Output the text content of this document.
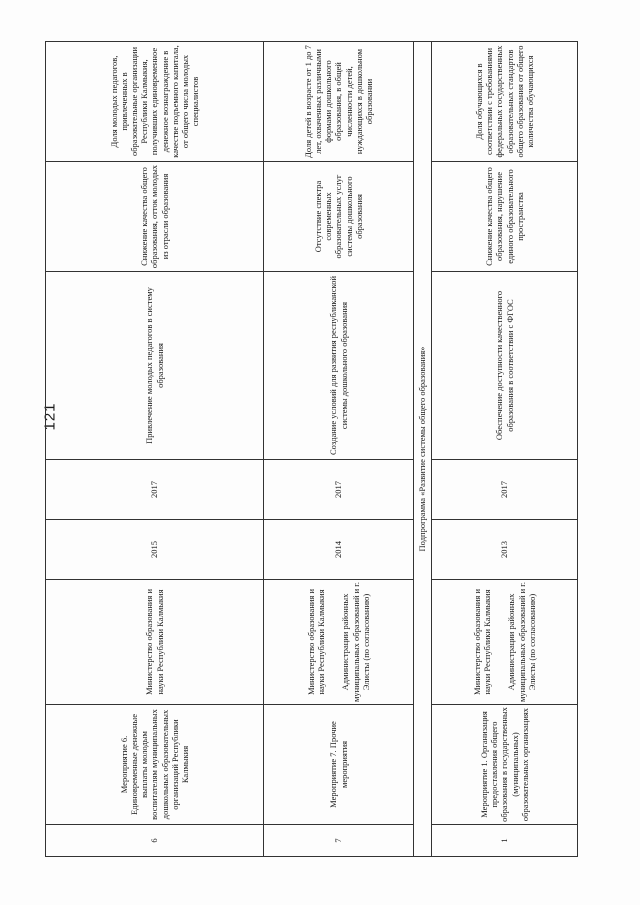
121
6	Мероприятие 6. Единовременные денежные выплаты молодым воспитателям муниципальных дошкольных образовательных организаций Республики Калмыкия	Министерство образования и науки Республики Калмыкия	2015	2017	Привлечение молодых педагогов в систему образования	Снижение качества общего образования, отток молодых из отрасли образования	Доля молодых педагогов, привлеченных в образовательные организации Республики Калмыкия, получивших единовременное денежное вознаграждение в качестве подъемного капитала, от общего числа молодых специалистов
7	Мероприятие 7. Прочие мероприятия	Министерство образования и науки Республики Калмыкия Администрации районных муниципальных образований и г. Элисты (по согласованию)	2014	2017	Создание условий для развития республиканской системы дошкольного образования	Отсутствие спектра современных образовательных услуг системы дошкольного образования	Доля детей в возрасте от 1 до 7 лет, охваченных различными формами дошкольного образования, в общей численности детей, нуждающихся в дошкольном образовании
Подпрограмма «Развитие системы общего образования»							
1	Мероприятие 1. Организация предоставления общего образования в государственных (муниципальных) образовательных организациях	Министерство образования и науки Республики Калмыкия Администрации районных муниципальных образований и г. Элисты (по согласованию)	2013	2017	Обеспечение доступности качественного образования в соответствии с ФГОС	Снижение качества общего образования, нарушение единого образовательного пространства	Доля обучающихся в соответствии с требованиями федеральных государственных образовательных стандартов общего образования от общего количества обучающихся
